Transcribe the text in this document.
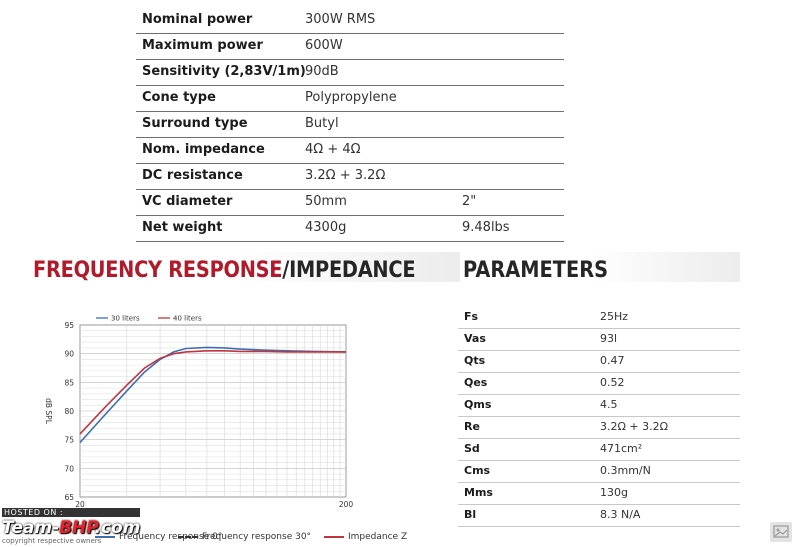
Nominal power	300W RMS
Maximum power	600W
Sensitivity (2,83V/1m) 90dB
Cone type	Polypropylene
Surround type	Butyl
Nom. impedance	4Ω + 4Ω
DC resistance	3.2Ω + 3.2Ω
VC diameter	50mm	2"
Net weight	4300g	9.48lbs
FREQUENCY RESPONSE/IMPEDANCE PARAMETERS
Fs	25Hz
Vas	93l
Qts	0.47
Qes	0.52
Qms	4.5
Re	3.2Ω + 3.2Ω
Sd	471cm²
Cms	0.3mm/N
Mms	130g
Bl	8.3 N/A
95
90
85
80
75
70
65
20	200
dB SPL
30 liters	40 liters
Frequency response 0°
Frequency response 30°	Impedance Z
HOSTED ON :
Team-BHP.com
copyright respective owners
